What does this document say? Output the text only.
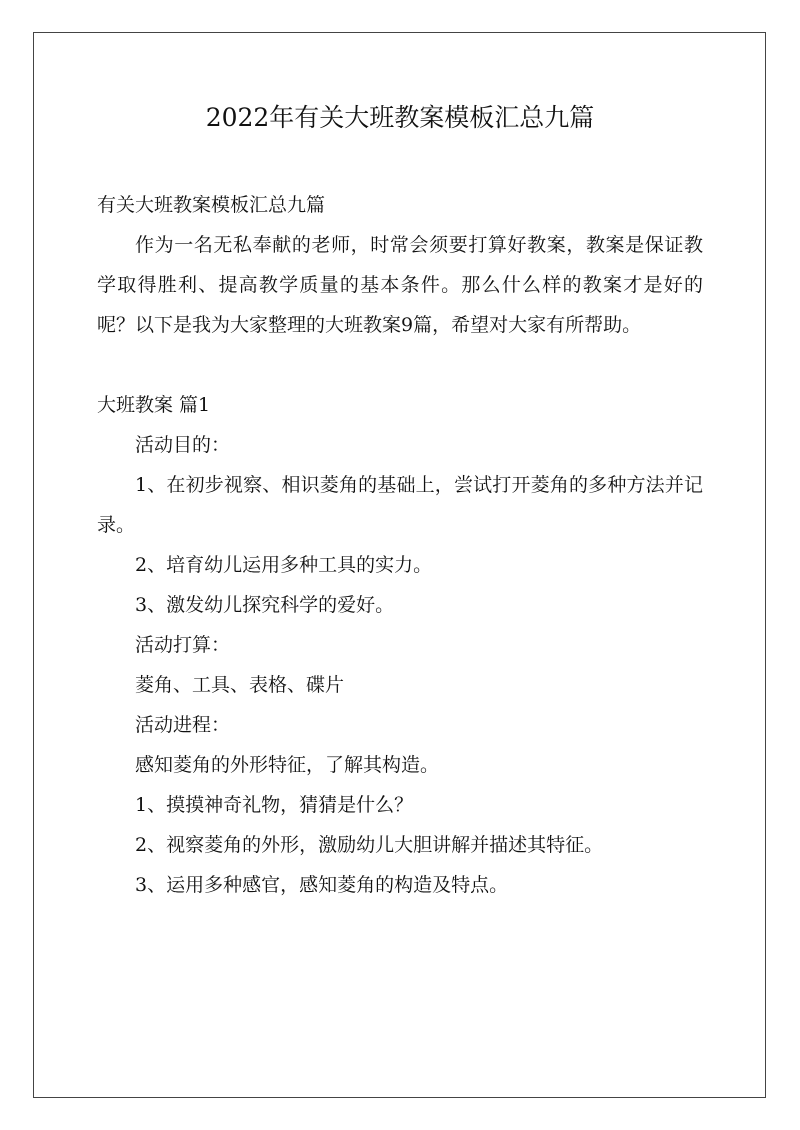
2022年有关大班教案模板汇总九篇

有关大班教案模板汇总九篇

作为一名无私奉献的老师，时常会须要打算好教案，教案是保证教学取得胜利、提高教学质量的基本条件。那么什么样的教案才是好的呢？以下是我为大家整理的大班教案9篇，希望对大家有所帮助。

大班教案 篇1

活动目的：

1、在初步视察、相识菱角的基础上，尝试打开菱角的多种方法并记录。

2、培育幼儿运用多种工具的实力。

3、激发幼儿探究科学的爱好。

活动打算：

菱角、工具、表格、碟片

活动进程：

感知菱角的外形特征，了解其构造。

1、摸摸神奇礼物，猜猜是什么？

2、视察菱角的外形，激励幼儿大胆讲解并描述其特征。

3、运用多种感官，感知菱角的构造及特点。
